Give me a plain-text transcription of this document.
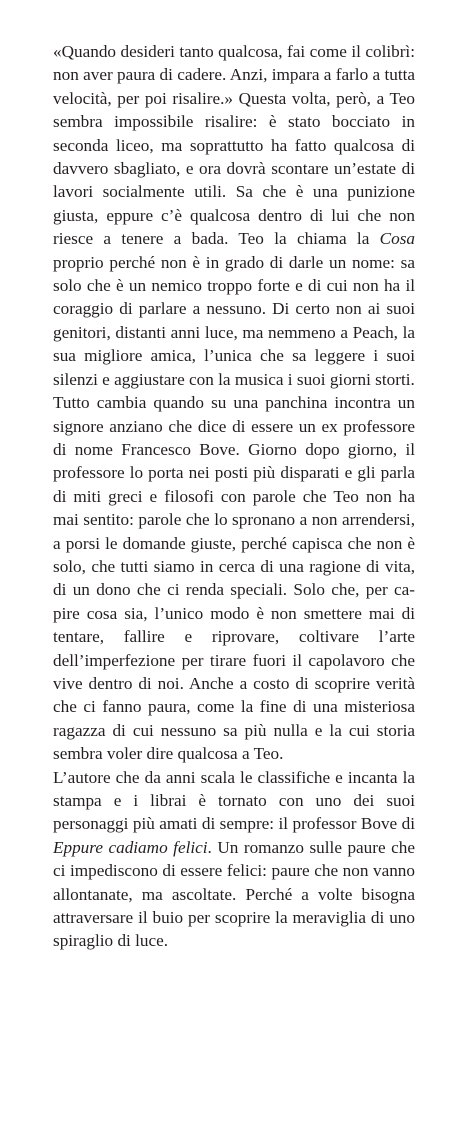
«Quando desideri tanto qualcosa, fai come il colibrì: non aver paura di cadere. Anzi, impara a farlo a tutta velocità, per poi risalire.» Questa volta, però, a Teo sembra impossibile risalire: è stato bocciato in seconda liceo, ma soprattutto ha fatto qualcosa di davvero sbagliato, e ora dovrà scontare un’estate di lavori socialmente utili. Sa che è una punizione giusta, eppure c’è qualcosa dentro di lui che non riesce a tenere a bada. Teo la chiama la Cosa proprio perché non è in grado di darle un nome: sa solo che è un nemico troppo forte e di cui non ha il coraggio di parlare a nessuno. Di certo non ai suoi genitori, distanti anni luce, ma nemmeno a Peach, la sua migliore amica, l’unica che sa leggere i suoi silenzi e aggiustare con la musica i suoi giorni storti.

Tutto cambia quando su una panchina incontra un signore anziano che dice di essere un ex professore di nome Francesco Bove. Giorno dopo giorno, il professore lo porta nei posti più disparati e gli parla di miti greci e filosofi con parole che Teo non ha mai sentito: parole che lo spronano a non arrendersi, a porsi le domande giuste, perché capisca che non è solo, che tutti siamo in cerca di una ragione di vita, di un dono che ci renda speciali. Solo che, per capire cosa sia, l’unico modo è non smettere mai di tentare, fallire e riprovare, coltivare l’arte dell’imperfezione per tirare fuori il capolavoro che vive dentro di noi. Anche a costo di scoprire verità che ci fanno paura, come la fine di una misteriosa ragazza di cui nessuno sa più nulla e la cui storia sembra voler dire qualcosa a Teo.

L’autore che da anni scala le classifiche e incanta la stampa e i librai è tornato con uno dei suoi personaggi più amati di sempre: il professor Bove di Eppure cadiamo felici. Un romanzo sulle paure che ci impediscono di essere felici: paure che non vanno allontanate, ma ascoltate. Perché a volte bisogna attraversare il buio per scoprire la meraviglia di uno spiraglio di luce.
